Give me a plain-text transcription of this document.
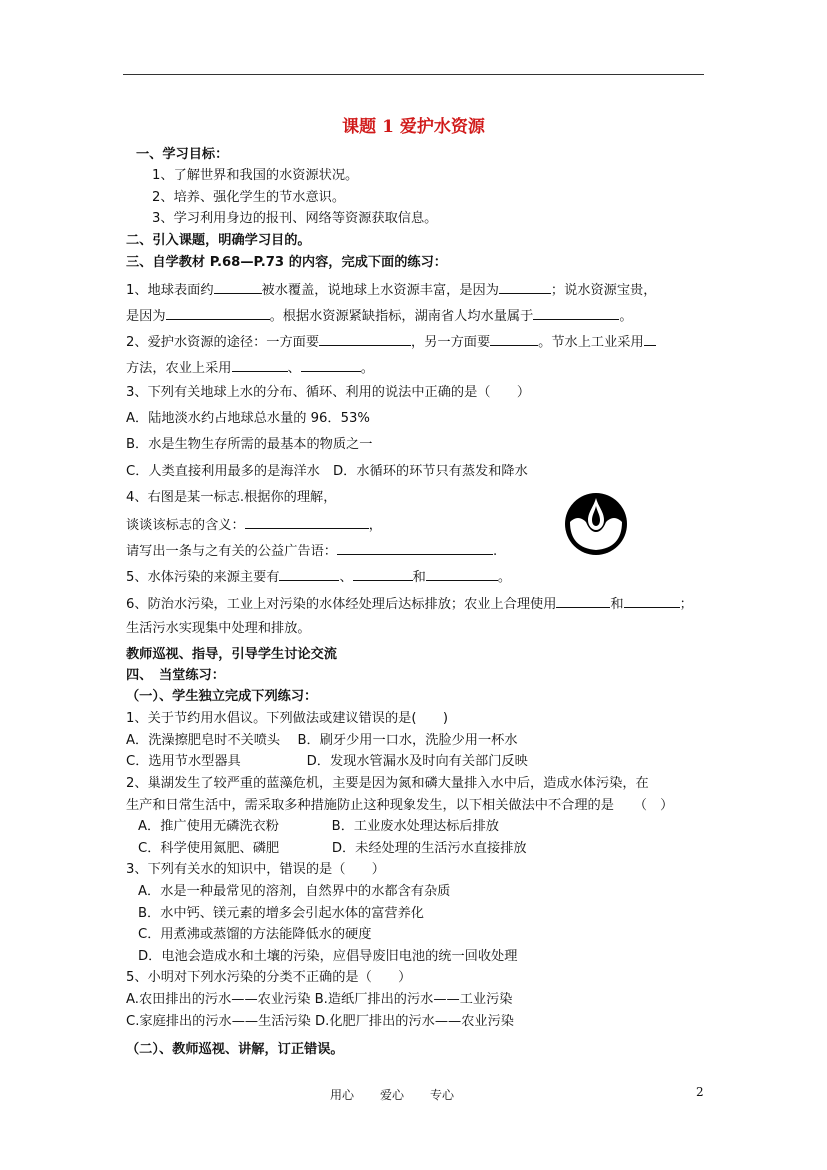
课题 1 爱护水资源
一、学习目标：
1、了解世界和我国的水资源状况。
2、培养、强化学生的节水意识。
3、学习利用身边的报刊、网络等资源获取信息。
二、引入课题，明确学习目的。
三、自学教材 P.68—P.73 的内容，完成下面的练习：
1、地球表面约	被水覆盖，说地球上水资源丰富，是因为	；说水资源宝贵，
是因为	。根据水资源紧缺指标，湖南省人均水量属于	。
2、爱护水资源的途径：一方面要	，另一方面要	。节水上工业采用
方法，农业上采用	、	。
3、下列有关地球上水的分布、循环、利用的说法中正确的是（　　）
A．陆地淡水约占地球总水量的 96．53%
B．水是生物生存所需的最基本的物质之一
C．人类直接利用最多的是海洋水　D．水循环的环节只有蒸发和降水
4、右图是某一标志.根据你的理解，
谈谈该标志的含义：	，
请写出一条与之有关的公益广告语：	.
5、水体污染的来源主要有	、	和	。
6、防治水污染，工业上对污染的水体经处理后达标排放；农业上合理使用	和	；
生活污水实现集中处理和排放。
教师巡视、指导，引导学生讨论交流
四、　当堂练习：
（一）、学生独立完成下列练习：
1、关于节约用水倡议。下列做法或建议错误的是(　　)
A．洗澡擦肥皂时不关喷头　 B．刷牙少用一口水，洗脸少用一杯水
C．选用节水型器具　　　　　D．发现水管漏水及时向有关部门反映
2、巢湖发生了较严重的蓝藻危机，主要是因为氮和磷大量排入水中后，造成水体污染，在
生产和日常生活中，需采取多种措施防止这种现象发生，以下相关做法中不合理的是　　（　）
A．推广使用无磷洗衣粉　　　　B．工业废水处理达标后排放
C．科学使用氮肥、磷肥　　　　D．未经处理的生活污水直接排放
3、下列有关水的知识中，错误的是（　　）
A．水是一种最常见的溶剂，自然界中的水都含有杂质
B．水中钙、镁元素的增多会引起水体的富营养化
C．用煮沸或蒸馏的方法能降低水的硬度
D．电池会造成水和土壤的污染，应倡导废旧电池的统一回收处理
5、小明对下列水污染的分类不正确的是（　　）
A.农田排出的污水——农业污染 B.造纸厂排出的污水——工业污染
C.家庭排出的污水——生活污染 D.化肥厂排出的污水——农业污染
（二）、教师巡视、讲解，订正错误。
用心 爱心 专心	2
